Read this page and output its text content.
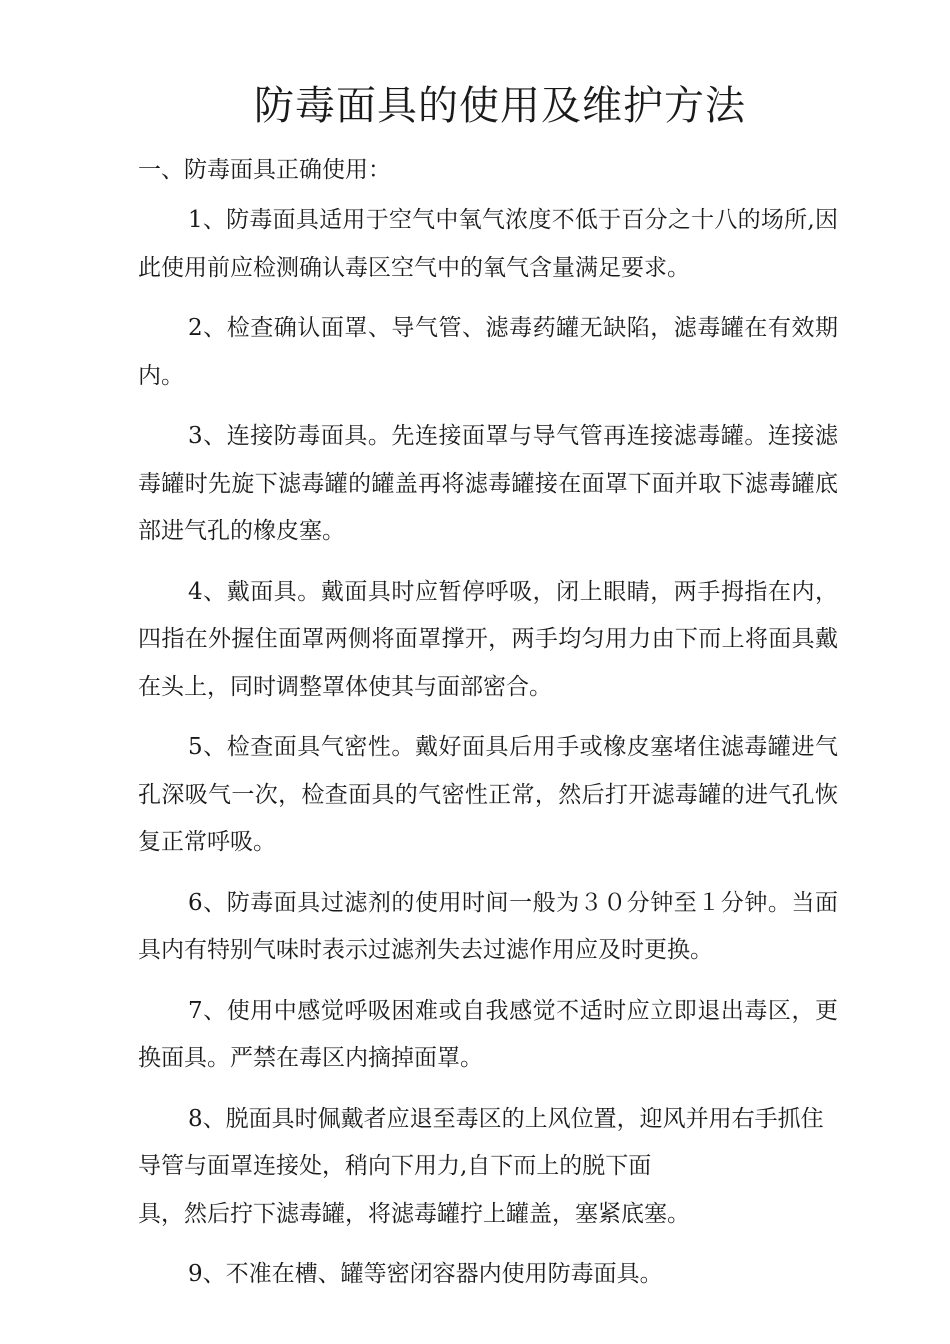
防毒面具的使用及维护方法
一、防毒面具正确使用：

1、防毒面具适用于空气中氧气浓度不低于百分之十八的场所,因此使用前应检测确认毒区空气中的氧气含量满足要求。

2、检查确认面罩、导气管、滤毒药罐无缺陷，滤毒罐在有效期内。

3、连接防毒面具。先连接面罩与导气管再连接滤毒罐。连接滤毒罐时先旋下滤毒罐的罐盖再将滤毒罐接在面罩下面并取下滤毒罐底部进气孔的橡皮塞。

4、戴面具。戴面具时应暂停呼吸，闭上眼睛，两手拇指在内，四指在外握住面罩两侧将面罩撑开，两手均匀用力由下而上将面具戴在头上，同时调整罩体使其与面部密合。

5、检查面具气密性。戴好面具后用手或橡皮塞堵住滤毒罐进气孔深吸气一次，检查面具的气密性正常，然后打开滤毒罐的进气孔恢复正常呼吸。

6、防毒面具过滤剂的使用时间一般为３０分钟至１分钟。当面具内有特别气味时表示过滤剂失去过滤作用应及时更换。

7、使用中感觉呼吸困难或自我感觉不适时应立即退出毒区，更换面具。严禁在毒区内摘掉面罩。

8、脱面具时佩戴者应退至毒区的上风位置，迎风并用右手抓住导管与面罩连接处，稍向下用力,自下而上的脱下面
具，然后拧下滤毒罐，将滤毒罐拧上罐盖，塞紧底塞。

9、不准在槽、罐等密闭容器内使用防毒面具。
